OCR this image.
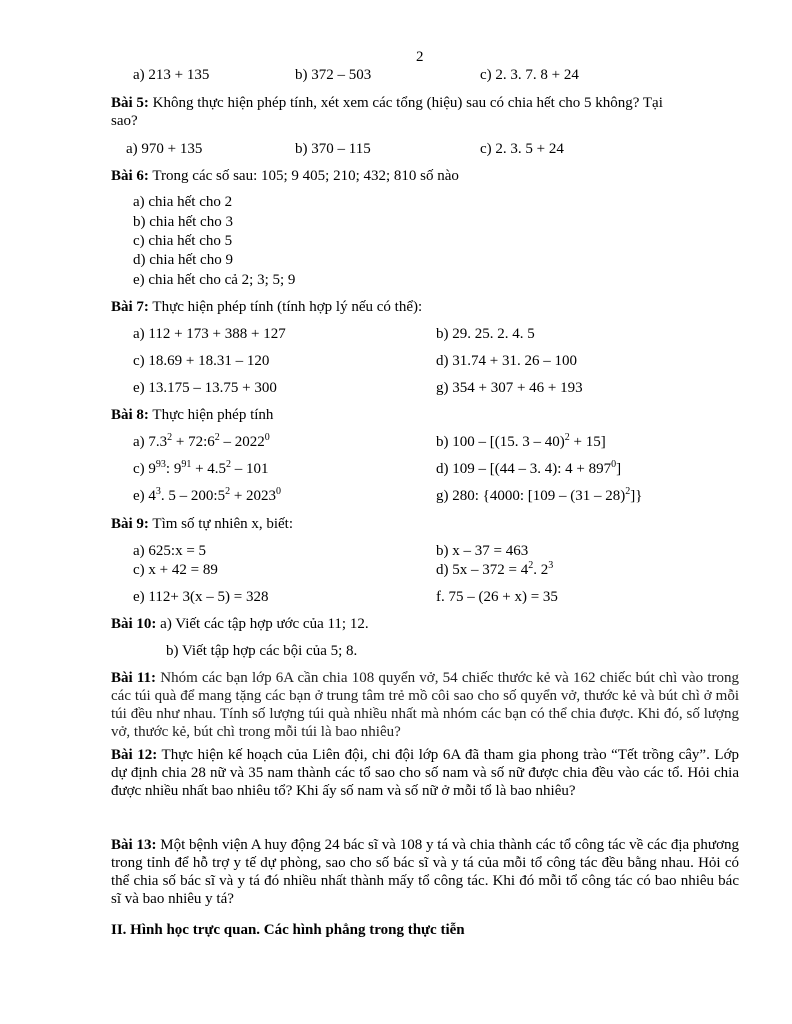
2
a) 213 + 135	b) 372 – 503	c) 2. 3. 7. 8 + 24
Bài 5: Không thực hiện phép tính, xét xem các tổng (hiệu) sau có chia hết cho 5 không? Tại
sao?
a) 970 + 135	b) 370 – 115	c) 2. 3. 5 + 24
Bài 6: Trong các số sau: 105; 9 405; 210; 432; 810 số nào
a) chia hết cho 2
b) chia hết cho 3
c) chia hết cho 5
d) chia hết cho 9
e) chia hết cho cả 2; 3; 5; 9
Bài 7: Thực hiện phép tính (tính hợp lý nếu có thể):
a) 112 + 173 + 388 + 127	b) 29. 25. 2. 4. 5
c) 18.69 + 18.31 – 120	d) 31.74 + 31. 26 – 100
e) 13.175 – 13.75 + 300	g) 354 + 307 + 46 + 193
Bài 8: Thực hiện phép tính
a) $7.3^2$ + $72:6^2 - 2022^0$	b) 100 – [(15. 3 – 40)$^2$ + 15]
c) $9^{93}$: $9^{91} + 4.5^2 - 101$	d) 109 – [(44 – 3. 4): $4 + 897^0$]
e) $4^3$. $5 - 200:5^2 + 2023^0$	g) 280: {4000: [109 – (31 – 28)$^2$]}
Bài 9: Tìm số tự nhiên x, biết:
a) 625:x = 5	b) x – 37 = 463
c) x + 42 = 89	d) $5x - 372 = 4^2$. $2^3$
e) 112+ 3(x – 5) = 328	f. 75 – (26 + x) = 35
Bài 10: a) Viết các tập hợp ước của 11; 12.
b) Viết tập hợp các bội của 5; 8.
Bài 11: Nhóm các bạn lớp 6A cần chia 108 quyển vở, 54 chiếc thước kẻ và 162 chiếc bút chì vào trong các túi quà để mang tặng các bạn ở trung tâm trẻ mồ côi sao cho số quyển vở, thước kẻ và bút chì ở mỗi túi đều như nhau. Tính số lượng túi quà nhiều nhất mà nhóm các bạn có thể chia được. Khi đó, số lượng vở, thước kẻ, bút chì trong mỗi túi là bao nhiêu?
Bài 12: Thực hiện kế hoạch của Liên đội, chi đội lớp 6A đã tham gia phong trào “Tết trồng cây”. Lớp dự định chia 28 nữ và 35 nam thành các tổ sao cho số nam và số nữ được chia đều vào các tổ. Hỏi chia được nhiều nhất bao nhiêu tổ? Khi ấy số nam và số nữ ở mỗi tổ là bao nhiêu?
Bài 13: Một bệnh viện A huy động 24 bác sĩ và 108 y tá và chia thành các tổ công tác về các địa phương trong tỉnh để hỗ trợ y tế dự phòng, sao cho số bác sĩ và y tá của mỗi tổ công tác đều bằng nhau. Hỏi có thể chia số bác sĩ và y tá đó nhiều nhất thành mấy tổ công tác. Khi đó mỗi tổ công tác có bao nhiêu bác sĩ và bao nhiêu y tá?
II. Hình học trực quan. Các hình phẳng trong thực tiễn
